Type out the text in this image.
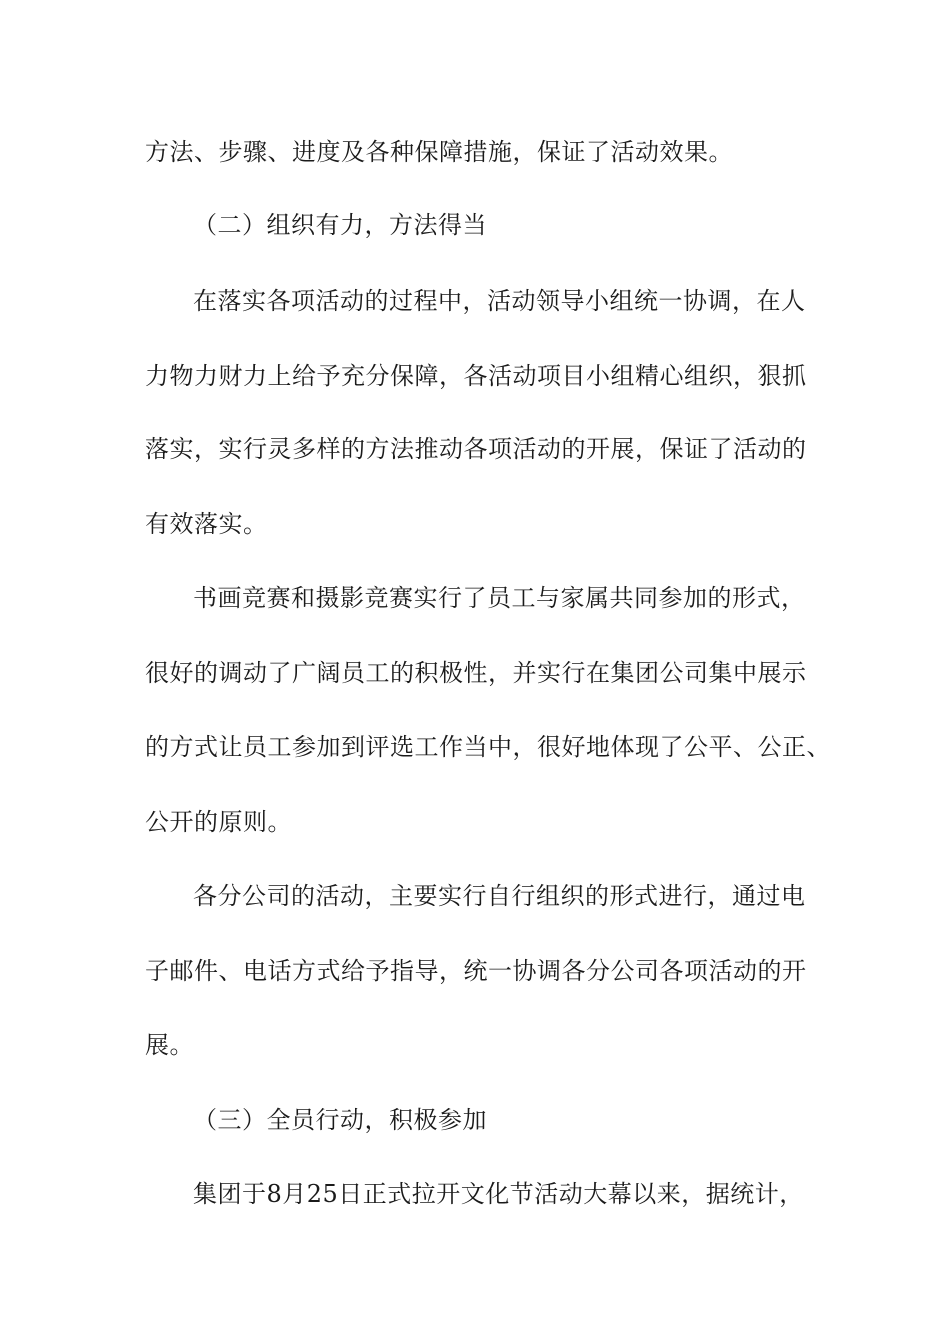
方法、步骤、进度及各种保障措施，保证了活动效果。
（二）组织有力，方法得当
在落实各项活动的过程中，活动领导小组统一协调，在人
力物力财力上给予充分保障，各活动项目小组精心组织，狠抓
落实，实行灵多样的方法推动各项活动的开展，保证了活动的
有效落实。
书画竞赛和摄影竞赛实行了员工与家属共同参加的形式，
很好的调动了广阔员工的积极性，并实行在集团公司集中展示
的方式让员工参加到评选工作当中，很好地体现了公平、公正、
公开的原则。
各分公司的活动，主要实行自行组织的形式进行，通过电
子邮件、电话方式给予指导，统一协调各分公司各项活动的开
展。
（三）全员行动，积极参加
集团于8月25日正式拉开文化节活动大幕以来，据统计，
